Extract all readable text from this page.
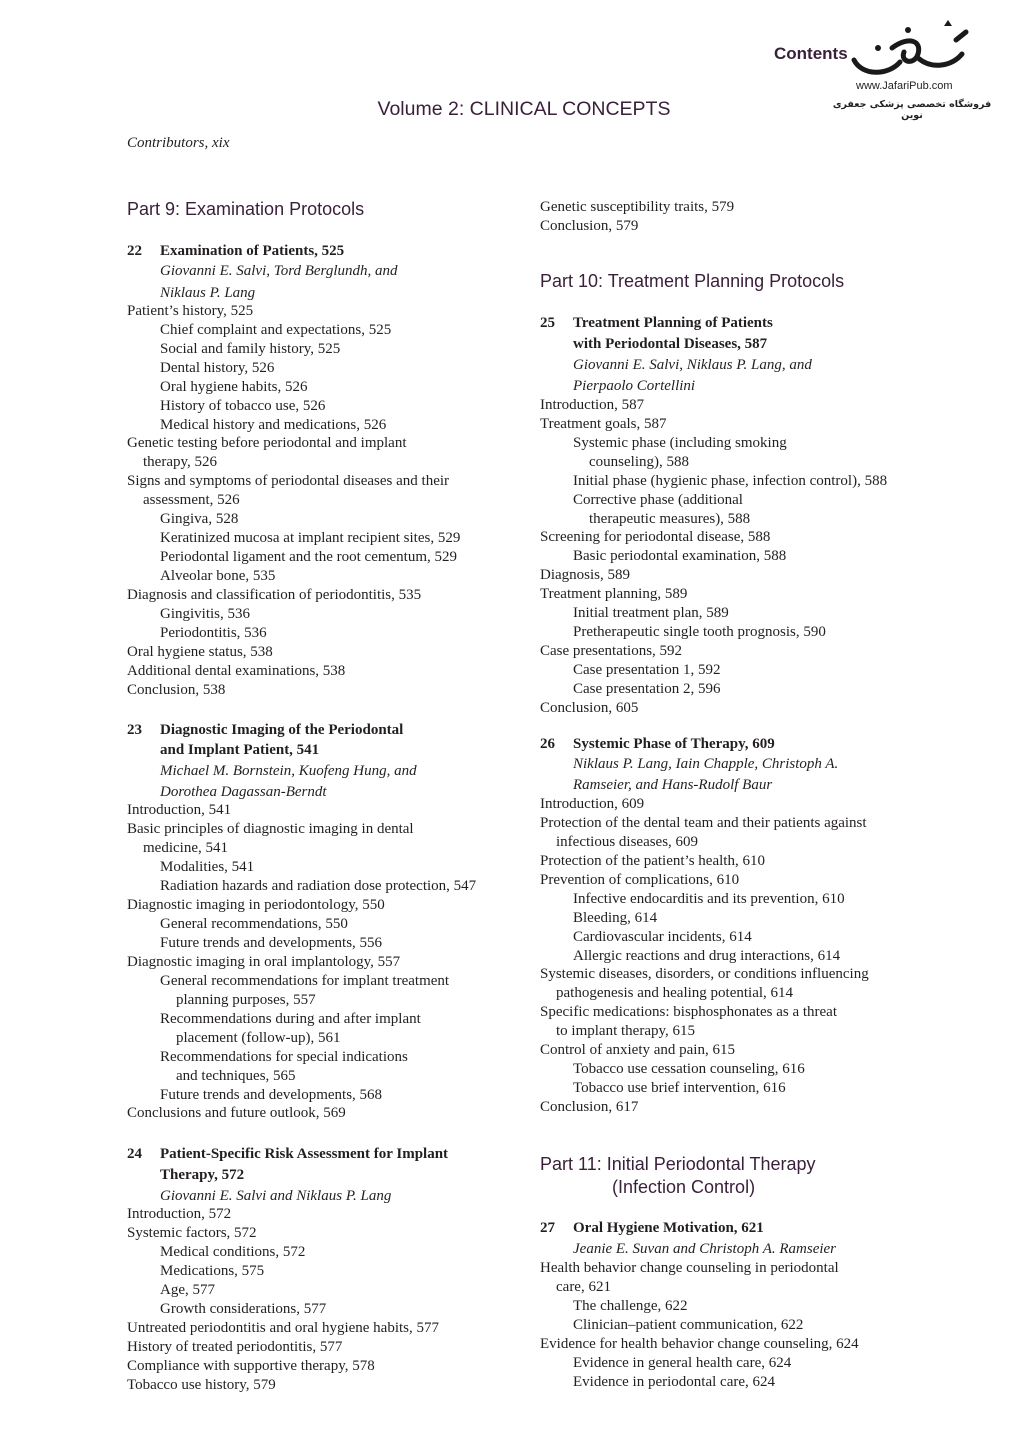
Contents
www.JafariPub.com
فروشگاه تخصصی پزشکی جعفری نوین
Volume 2: CLINICAL CONCEPTS
Contributors, xix
Part 9: Examination Protocols
22 Examination of Patients, 525
Giovanni E. Salvi, Tord Berglundh, and
Niklaus P. Lang
Patient’s history, 525
Chief complaint and expectations, 525
Social and family history, 525
Dental history, 526
Oral hygiene habits, 526
History of tobacco use, 526
Medical history and medications, 526
Genetic testing before periodontal and implant
therapy, 526
Signs and symptoms of periodontal diseases and their
assessment, 526
Gingiva, 528
Keratinized mucosa at implant recipient sites, 529
Periodontal ligament and the root cementum, 529
Alveolar bone, 535
Diagnosis and classification of periodontitis, 535
Gingivitis, 536
Periodontitis, 536
Oral hygiene status, 538
Additional dental examinations, 538
Conclusion, 538
23 Diagnostic Imaging of the Periodontal
and Implant Patient, 541
Michael M. Bornstein, Kuofeng Hung, and
Dorothea Dagassan-Berndt
Introduction, 541
Basic principles of diagnostic imaging in dental
medicine, 541
Modalities, 541
Radiation hazards and radiation dose protection, 547
Diagnostic imaging in periodontology, 550
General recommendations, 550
Future trends and developments, 556
Diagnostic imaging in oral implantology, 557
General recommendations for implant treatment
planning purposes, 557
Recommendations during and after implant
placement (follow-up), 561
Recommendations for special indications
and techniques, 565
Future trends and developments, 568
Conclusions and future outlook, 569
24 Patient-Specific Risk Assessment for Implant
Therapy, 572
Giovanni E. Salvi and Niklaus P. Lang
Introduction, 572
Systemic factors, 572
Medical conditions, 572
Medications, 575
Age, 577
Growth considerations, 577
Untreated periodontitis and oral hygiene habits, 577
History of treated periodontitis, 577
Compliance with supportive therapy, 578
Tobacco use history, 579
Genetic susceptibility traits, 579
Conclusion, 579
Part 10: Treatment Planning Protocols
25 Treatment Planning of Patients
with Periodontal Diseases, 587
Giovanni E. Salvi, Niklaus P. Lang, and
Pierpaolo Cortellini
Introduction, 587
Treatment goals, 587
Systemic phase (including smoking
counseling), 588
Initial phase (hygienic phase, infection control), 588
Corrective phase (additional
therapeutic measures), 588
Screening for periodontal disease, 588
Basic periodontal examination, 588
Diagnosis, 589
Treatment planning, 589
Initial treatment plan, 589
Pretherapeutic single tooth prognosis, 590
Case presentations, 592
Case presentation 1, 592
Case presentation 2, 596
Conclusion, 605
26 Systemic Phase of Therapy, 609
Niklaus P. Lang, Iain Chapple, Christoph A.
Ramseier, and Hans-Rudolf Baur
Introduction, 609
Protection of the dental team and their patients against
infectious diseases, 609
Protection of the patient’s health, 610
Prevention of complications, 610
Infective endocarditis and its prevention, 610
Bleeding, 614
Cardiovascular incidents, 614
Allergic reactions and drug interactions, 614
Systemic diseases, disorders, or conditions influencing
pathogenesis and healing potential, 614
Specific medications: bisphosphonates as a threat
to implant therapy, 615
Control of anxiety and pain, 615
Tobacco use cessation counseling, 616
Tobacco use brief intervention, 616
Conclusion, 617
Part 11: Initial Periodontal Therapy
(Infection Control)
27 Oral Hygiene Motivation, 621
Jeanie E. Suvan and Christoph A. Ramseier
Health behavior change counseling in periodontal
care, 621
The challenge, 622
Clinician–patient communication, 622
Evidence for health behavior change counseling, 624
Evidence in general health care, 624
Evidence in periodontal care, 624
